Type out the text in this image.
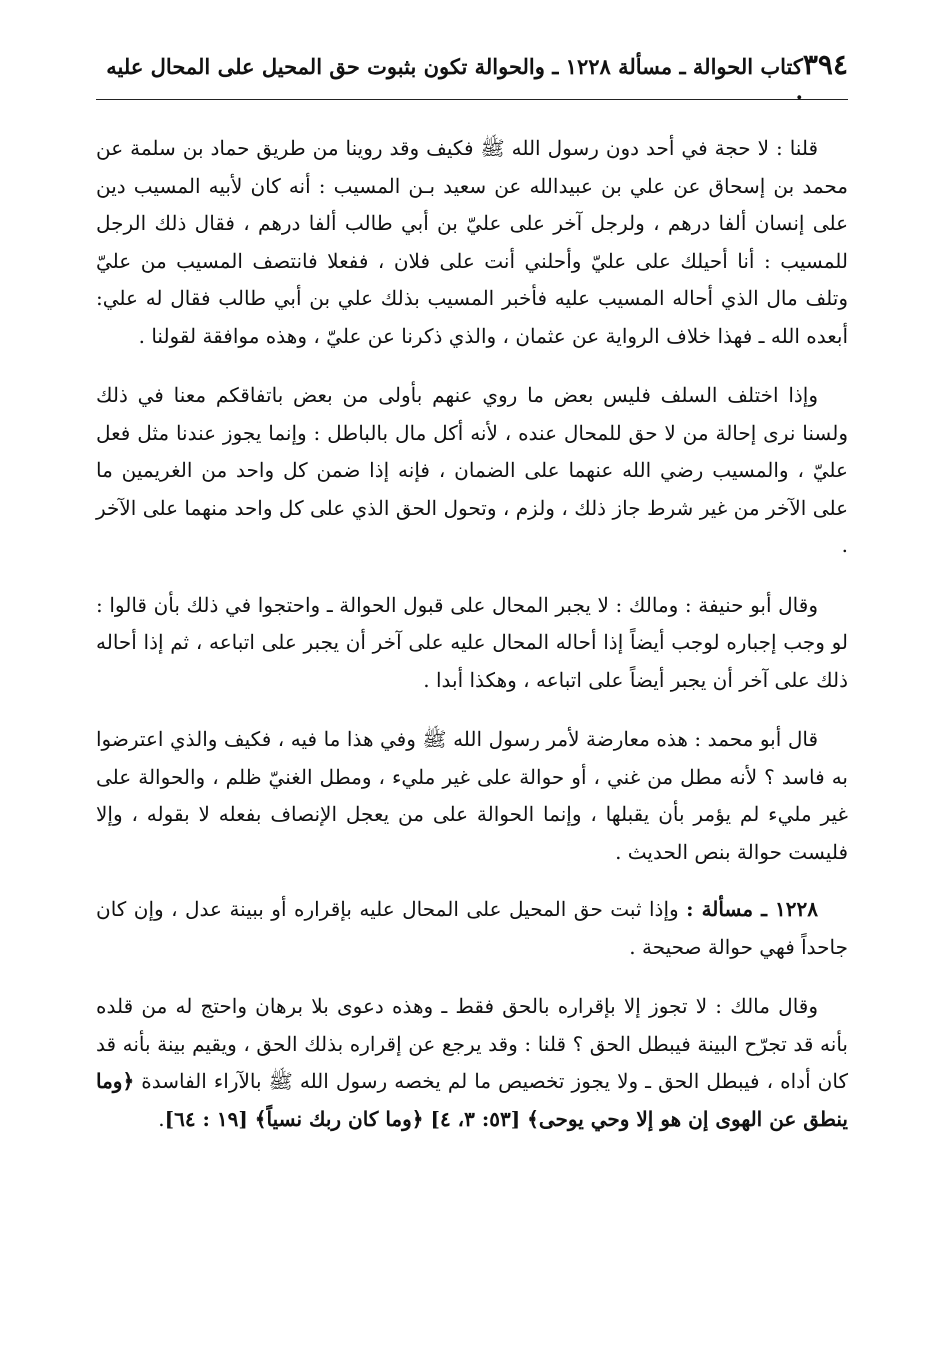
٣٩٤
كتاب الحوالة ـ مسألة ١٢٢٨ ـ والحوالة تكون بثبوت حق المحيل على المحال عليه .

قلنا : لا حجة في أحد دون رسول الله ﷺ فكيف وقد روينا من طريق حماد بن سلمة عن محمد بن إسحاق عن علي بن عبيدالله عن سعيد بـن المسيب : أنه كان لأبيه المسيب دين على إنسان ألفا درهم ، ولرجل آخر على عليّ بن أبي طالب ألفا درهم ، فقال ذلك الرجل للمسيب : أنا أحيلك على عليّ وأحلني أنت على فلان ، ففعلا فانتصف المسيب من عليّ وتلف مال الذي أحاله المسيب عليه فأخبر المسيب بذلك علي بن أبي طالب فقال له علي: أبعده الله ـ فهذا خلاف الرواية عن عثمان ، والذي ذكرنا عن عليّ ، وهذه موافقة لقولنا .

وإذا اختلف السلف فليس بعض ما روي عنهم بأولى من بعض باتفاقكم معنا في ذلك ولسنا نرى إحالة من لا حق للمحال عنده ، لأنه أكل مال بالباطل : وإنما يجوز عندنا مثل فعل عليّ ، والمسيب رضي الله عنهما على الضمان ، فإنه إذا ضمن كل واحد من الغريمين ما على الآخر من غير شرط جاز ذلك ، ولزم ، وتحول الحق الذي على كل واحد منهما على الآخر .

وقال أبو حنيفة : ومالك : لا يجبر المحال على قبول الحوالة ـ واحتجوا في ذلك بأن قالوا : لو وجب إجباره لوجب أيضاً إذا أحاله المحال عليه على آخر أن يجبر على اتباعه ، ثم إذا أحاله ذلك على آخر أن يجبر أيضاً على اتباعه ، وهكذا أبدا .

قال أبو محمد : هذه معارضة لأمر رسول الله ﷺ وفي هذا ما فيه ، فكيف والذي اعترضوا به فاسد ؟ لأنه مطل من غني ، أو حوالة على غير مليء ، ومطل الغنيّ ظلم ، والحوالة على غير مليء لم يؤمر بأن يقبلها ، وإنما الحوالة على من يعجل الإنصاف بفعله لا بقوله ، وإلا فليست حوالة بنص الحديث .

١٢٢٨ ـ مسألة : وإذا ثبت حق المحيل على المحال عليه بإقراره أو ببينة عدل ، وإن كان جاحداً فهي حوالة صحيحة .

وقال مالك : لا تجوز إلا بإقراره بالحق فقط ـ وهذه دعوى بلا برهان واحتج له من قلده بأنه قد تجرّح البينة فيبطل الحق ؟ قلنا : وقد يرجع عن إقراره بذلك الحق ، ويقيم بينة بأنه قد كان أداه ، فيبطل الحق ـ ولا يجوز تخصيص ما لم يخصه رسول الله ﷺ بالآراء الفاسدة ﴿وما ينطق عن الهوى إن هو إلا وحي يوحى﴾ [٥٣: ٣، ٤] ﴿وما كان ربك نسياً﴾ [١٩ : ٦٤].
